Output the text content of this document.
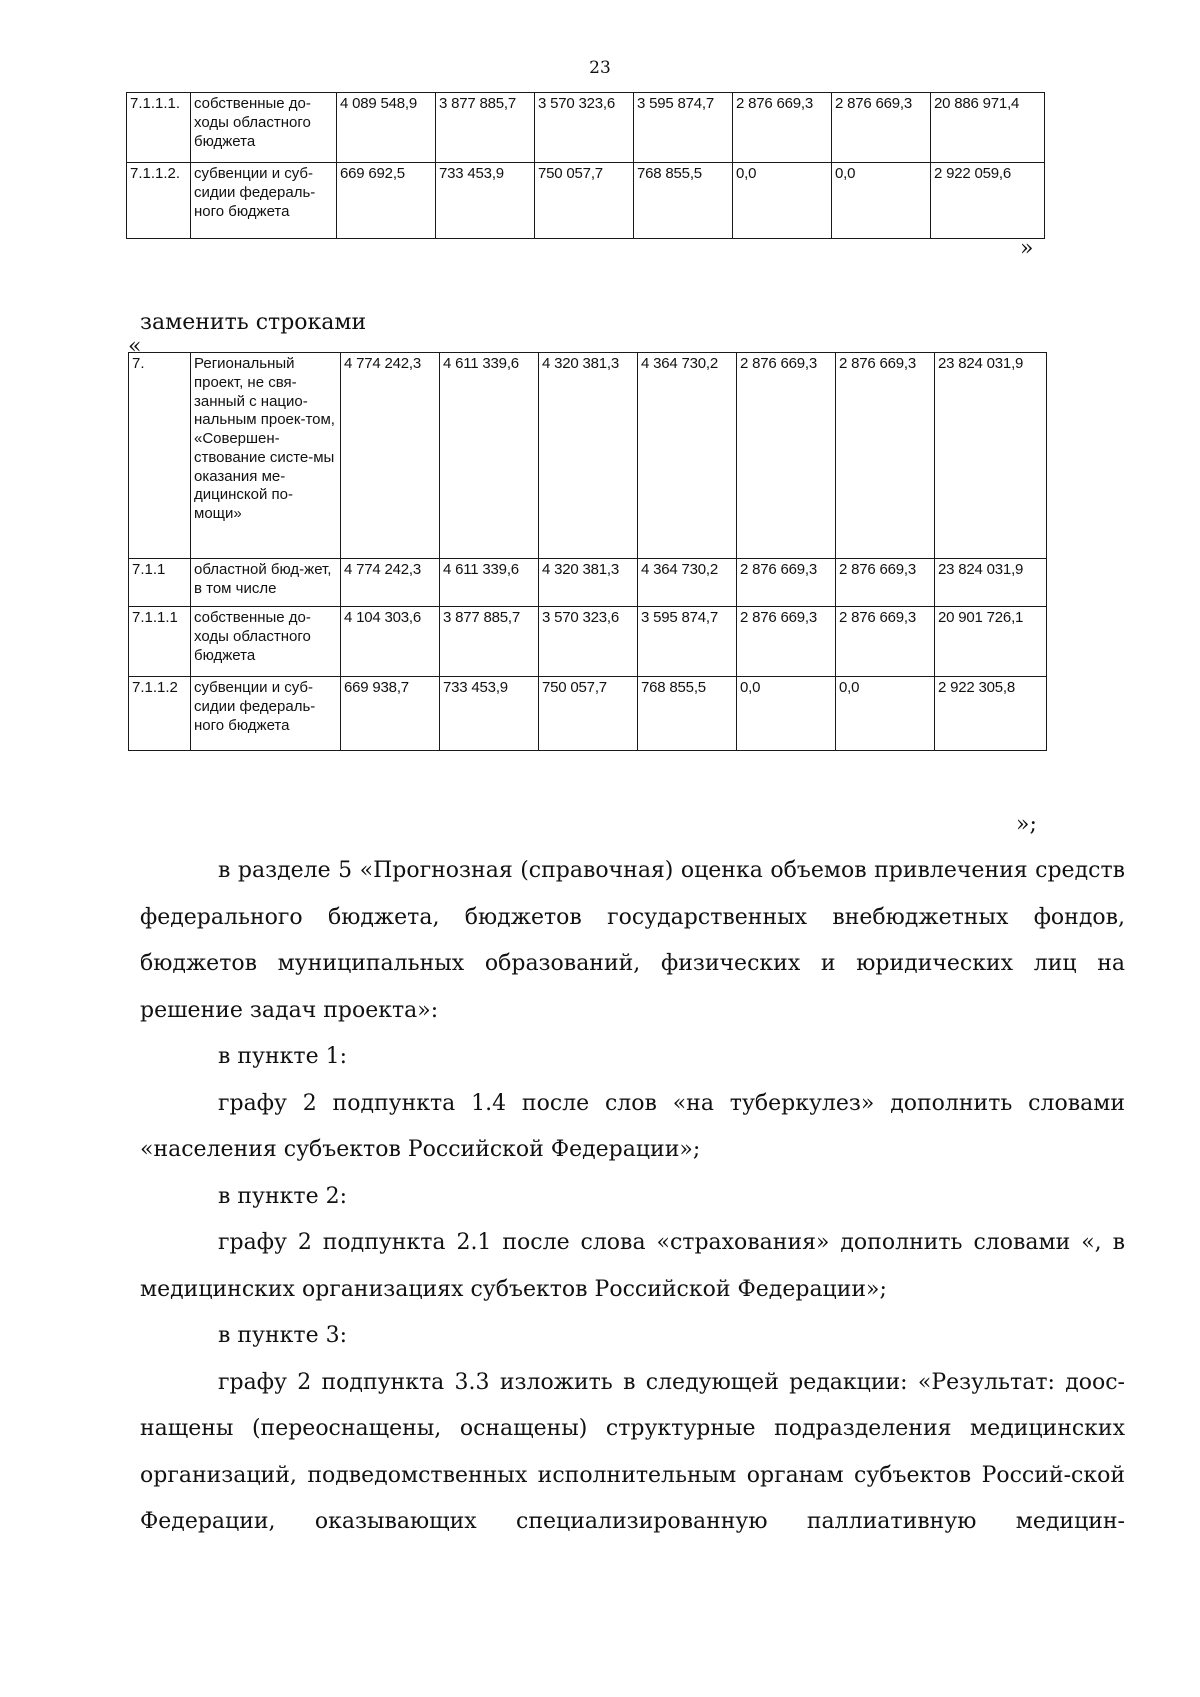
23
7.1.1.1.	собственные до-ходы областного бюджета	4 089 548,9	3 877 885,7	3 570 323,6	3 595 874,7	2 876 669,3	2 876 669,3	20 886 971,4
7.1.1.2.	субвенции и суб-сидии федераль-ного бюджета	669 692,5	733 453,9	750 057,7	768 855,5	0,0	0,0	2 922 059,6
»
заменить строками
«
7.	Региональный проект, не свя-занный с нацио-нальным проек-том, «Совершен-ствование систе-мы оказания ме-дицинской по-мощи»	4 774 242,3	4 611 339,6	4 320 381,3	4 364 730,2	2 876 669,3	2 876 669,3	23 824 031,9
7.1.1	областной бюд-жет, в том числе	4 774 242,3	4 611 339,6	4 320 381,3	4 364 730,2	2 876 669,3	2 876 669,3	23 824 031,9
7.1.1.1	собственные до-ходы областного бюджета	4 104 303,6	3 877 885,7	3 570 323,6	3 595 874,7	2 876 669,3	2 876 669,3	20 901 726,1
7.1.1.2	субвенции и суб-сидии федераль-ного бюджета	669 938,7	733 453,9	750 057,7	768 855,5	0,0	0,0	2 922 305,8
»;

в разделе 5 «Прогнозная (справочная) оценка объемов привлечения средств федерального бюджета, бюджетов государственных внебюджетных фондов, бюджетов муниципальных образований, физических и юридических лиц на решение задач проекта»:

в пункте 1:

графу 2 подпункта 1.4 после слов «на туберкулез» дополнить словами «населения субъектов Российской Федерации»;

в пункте 2:

графу 2 подпункта 2.1 после слова «страхования» дополнить словами «, в медицинских организациях субъектов Российской Федерации»;

в пункте 3:

графу 2 подпункта 3.3 изложить в следующей редакции: «Результат: доос-нащены (переоснащены, оснащены) структурные подразделения медицинских организаций, подведомственных исполнительным органам субъектов Россий-ской Федерации, оказывающих специализированную паллиативную медицин-
